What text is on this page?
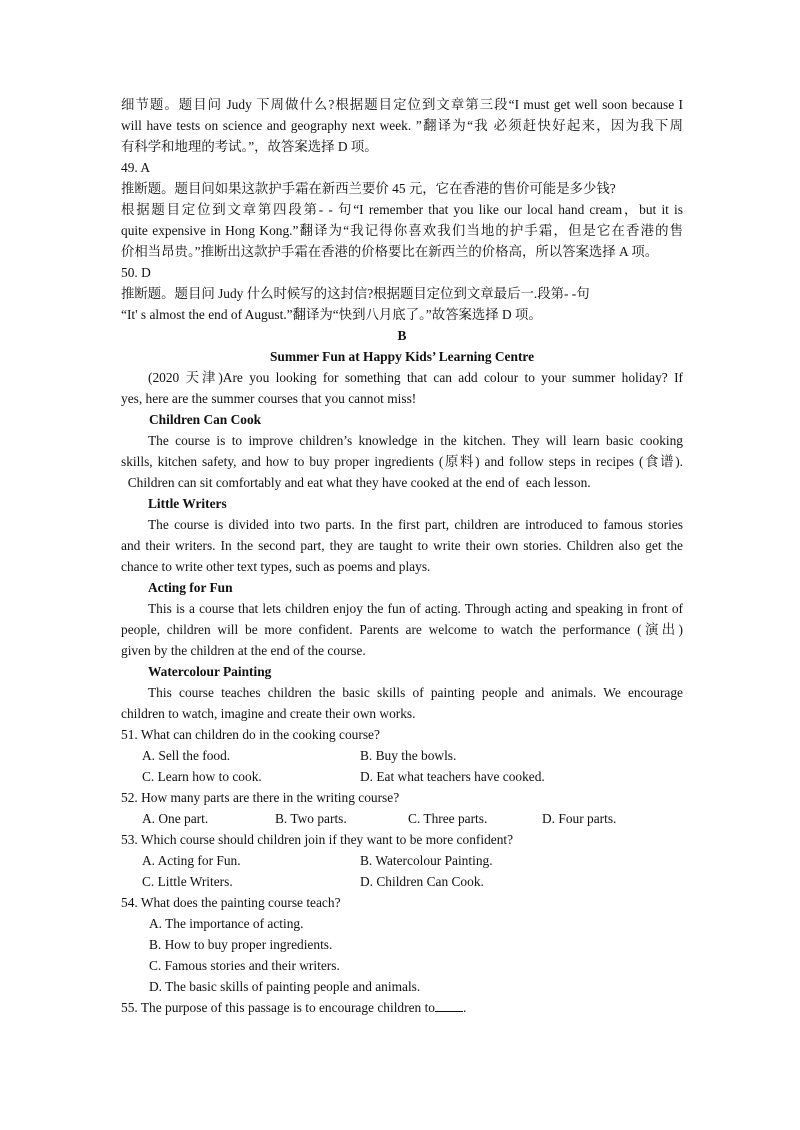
细节题。题目问 Judy 下周做什么?根据题目定位到文章第三段“I must get well soon because I

will have tests on science and geography next week. ”翻译为“我 必须赶快好起来，因为我下周

有科学和地理的考试。”，故答案选择 D 项。

49. A

推断题。题目问如果这款护手霜在新西兰要价 45 元，它在香港的售价可能是多少钱?

根据题目定位到文章第四段第- - 句“I remember that you like our local hand cream，but it is

quite expensive in Hong Kong.”翻译为“我记得你喜欢我们当地的护手霜，但是它在香港的售

价相当昂贵。”推断出这款护手霜在香港的价格要比在新西兰的价格高，所以答案选择 A 项。

50. D

推断题。题目问 Judy 什么时候写的这封信?根据题目定位到文章最后一.段第- -句

“It' s almost the end of August.”翻译为“快到八月底了。”故答案选择 D 项。

B

Summer Fun at Happy Kids’ Learning Centre

(2020 天津)Are you looking for something that can add colour to your summer holiday? If

yes, here are the summer courses that you cannot miss!

Children Can Cook

The course is to improve children’s knowledge in the kitchen. They will learn basic cooking

skills, kitchen safety, and how to buy proper ingredients (原料) and follow steps in recipes (食谱).

Children can sit comfortably and eat what they have cooked at the end of  each lesson.

Little Writers

The course is divided into two parts. In the first part, children are introduced to famous stories

and their writers. In the second part, they are taught to write their own stories. Children also get the

chance to write other text types, such as poems and plays.

Acting for Fun

This is a course that lets children enjoy the fun of acting. Through acting and speaking in front of

people, children will be more confident. Parents are welcome to watch the performance (演出)

given by the children at the end of the course.

Watercolour Painting

This course teaches children the basic skills of painting people and animals. We encourage

children to watch, imagine and create their own works.

51. What can children do in the cooking course?

A. Sell the food.	B. Buy the bowls.
C. Learn how to cook.	D. Eat what teachers have cooked.

52. How many parts are there in the writing course?

A. One part.	B. Two parts.	C. Three parts.	D. Four parts.

53. Which course should children join if they want to be more confident?

A. Acting for Fun.	B. Watercolour Painting.
C. Little Writers.	D. Children Can Cook.

54. What does the painting course teach?

A. The importance of acting.

B. How to buy proper ingredients.

C. Famous stories and their writers.

D. The basic skills of painting people and animals.

55. The purpose of this passage is to encourage children to .
